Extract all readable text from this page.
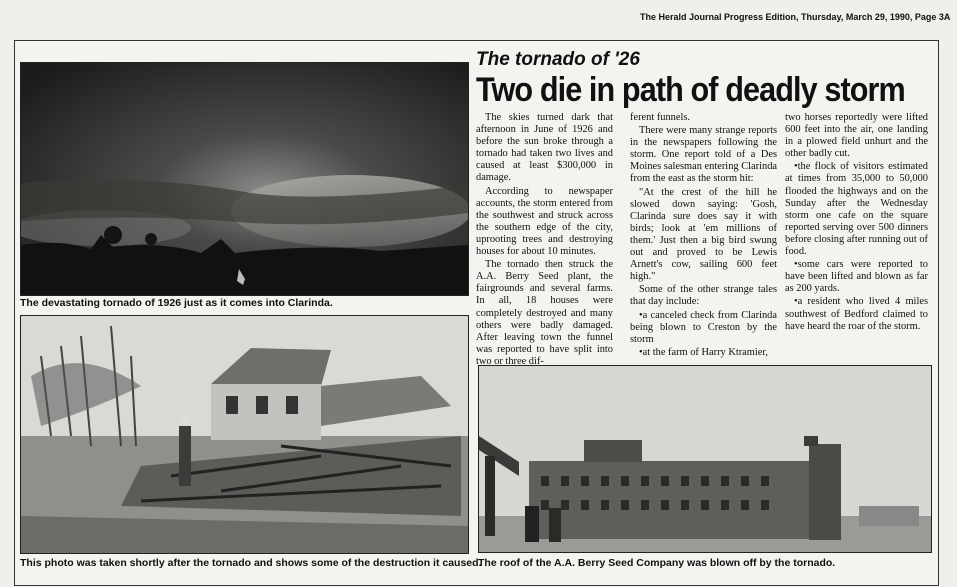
The Herald Journal Progress Edition, Thursday, March 29, 1990, Page 3A
The devastating tornado of 1926 just as it comes into Clarinda.
This photo was taken shortly after the tornado and shows some of the destruction it caused.
The roof of the A.A. Berry Seed Company was blown off by the tornado.
The tornado of '26
Two die in path of deadly storm

The skies turned dark that afternoon in June of 1926 and before the sun broke through a tornado had taken two lives and caused at least $300,000 in damage.

According to newspaper accounts, the storm entered from the southwest and struck across the southern edge of the city, uprooting trees and destroying houses for about 10 minutes.

The tornado then struck the A.A. Berry Seed plant, the fairgrounds and several farms. In all, 18 houses were completely destroyed and many others were badly damaged. After leaving town the funnel was reported to have split into two or three dif-

ferent funnels.

There were many strange reports in the newspapers following the storm. One report told of a Des Moines salesman entering Clarinda from the east as the storm hit:

"At the crest of the hill he slowed down saying: 'Gosh, Clarinda sure does say it with birds; look at 'em millions of them.' Just then a big bird swung out and proved to be Lewis Arnett's cow, sailing 600 feet high."

Some of the other strange tales that day include:

•a canceled check from Clarinda being blown to Creston by the storm

•at the farm of Harry Ktramier,

two horses reportedly were lifted 600 feet into the air, one landing in a plowed field unhurt and the other badly cut.

•the flock of visitors estimated at times from 35,000 to 50,000 flooded the highways and on the Sunday after the Wednesday storm one cafe on the square reported serving over 500 dinners before closing after running out of food.

•some cars were reported to have been lifted and blown as far as 200 yards.

•a resident who lived 4 miles southwest of Bedford claimed to have heard the roar of the storm.
